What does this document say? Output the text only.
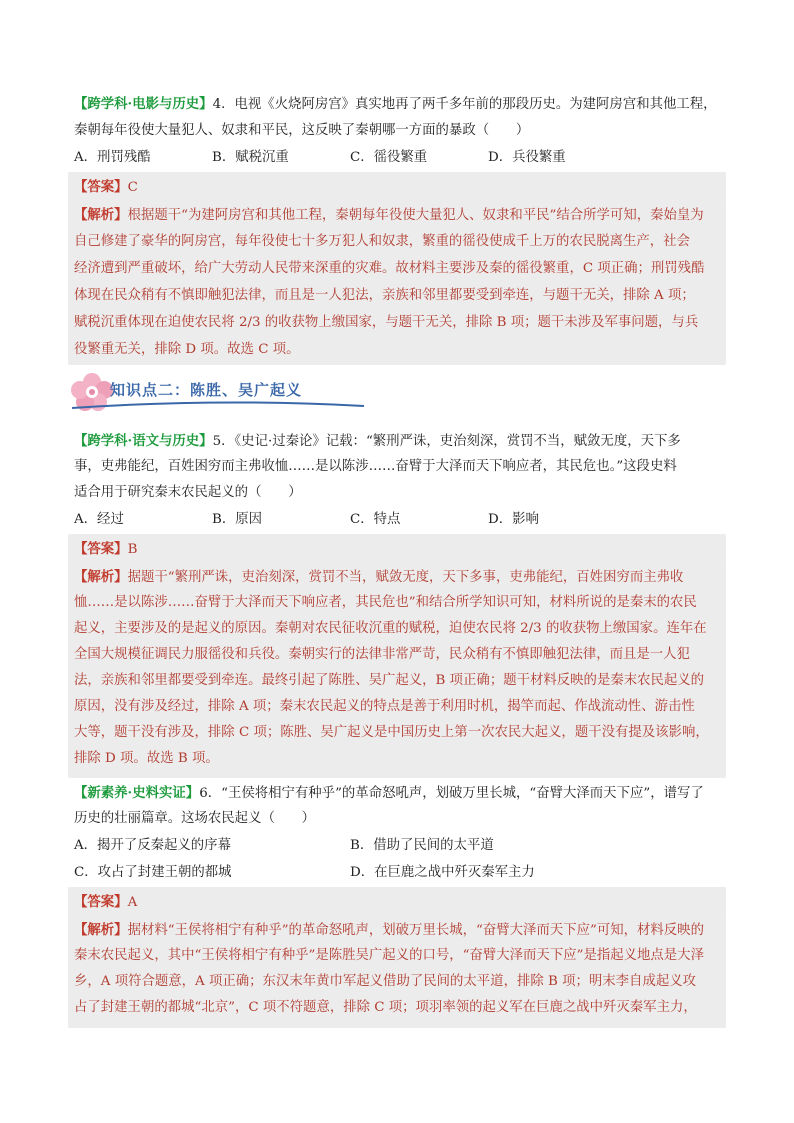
【跨学科·电影与历史】4．电视《火烧阿房宫》真实地再了两千多年前的那段历史。为建阿房宫和其他工程，
秦朝每年役使大量犯人、奴隶和平民，这反映了秦朝哪一方面的暴政（　　）
A．刑罚残酷	B．赋税沉重	C．徭役繁重	D．兵役繁重
【答案】C
【解析】根据题干“为建阿房宫和其他工程，秦朝每年役使大量犯人、奴隶和平民”结合所学可知，秦始皇为
自己修建了豪华的阿房宫，每年役使七十多万犯人和奴隶，繁重的徭役使成千上万的农民脱离生产，社会
经济遭到严重破坏，给广大劳动人民带来深重的灾难。故材料主要涉及秦的徭役繁重，C 项正确；刑罚残酷
体现在民众稍有不慎即触犯法律，而且是一人犯法，亲族和邻里都要受到牵连，与题干无关，排除 A 项；
赋税沉重体现在迫使农民将 2/3 的收获物上缴国家，与题干无关，排除 B 项；题干未涉及军事问题，与兵
役繁重无关，排除 D 项。故选 C 项。
知识点二：陈胜、吴广起义
【跨学科·语文与历史】5．《史记·过秦论》记载：“繁刑严诛，吏治刻深，赏罚不当，赋敛无度，天下多
事，吏弗能纪，百姓困穷而主弗收恤……是以陈涉……奋臂于大泽而天下响应者，其民危也。”这段史料
适合用于研究秦末农民起义的（　　）
A．经过	B．原因	C．特点	D．影响
【答案】B
【解析】据题干“繁刑严诛，吏治刻深，赏罚不当，赋敛无度，天下多事，吏弗能纪，百姓困穷而主弗收
恤……是以陈涉……奋臂于大泽而天下响应者，其民危也”和结合所学知识可知，材料所说的是秦末的农民
起义，主要涉及的是起义的原因。秦朝对农民征收沉重的赋税，迫使农民将 2/3 的收获物上缴国家。连年在
全国大规模征调民力服徭役和兵役。秦朝实行的法律非常严苛，民众稍有不慎即触犯法律，而且是一人犯
法，亲族和邻里都要受到牵连。最终引起了陈胜、吴广起义，B 项正确；题干材料反映的是秦末农民起义的
原因，没有涉及经过，排除 A 项；秦末农民起义的特点是善于利用时机，揭竿而起、作战流动性、游击性
大等，题干没有涉及，排除 C 项；陈胜、吴广起义是中国历史上第一次农民大起义，题干没有提及该影响，
排除 D 项。故选 B 项。
【新素养·史料实证】6．“王侯将相宁有种乎”的革命怒吼声，划破万里长城，“奋臂大泽而天下应”，谱写了
历史的壮丽篇章。这场农民起义（　　）
A．揭开了反秦起义的序幕	B．借助了民间的太平道
C．攻占了封建王朝的都城	D．在巨鹿之战中歼灭秦军主力
【答案】A
【解析】据材料“王侯将相宁有种乎”的革命怒吼声，划破万里长城，“奋臂大泽而天下应”可知，材料反映的
秦末农民起义，其中“王侯将相宁有种乎”是陈胜吴广起义的口号，“奋臂大泽而天下应”是指起义地点是大泽
乡，A 项符合题意，A 项正确；东汉末年黄巾军起义借助了民间的太平道，排除 B 项；明末李自成起义攻
占了封建王朝的都城“北京”，C 项不符题意，排除 C 项；项羽率领的起义军在巨鹿之战中歼灭秦军主力，
